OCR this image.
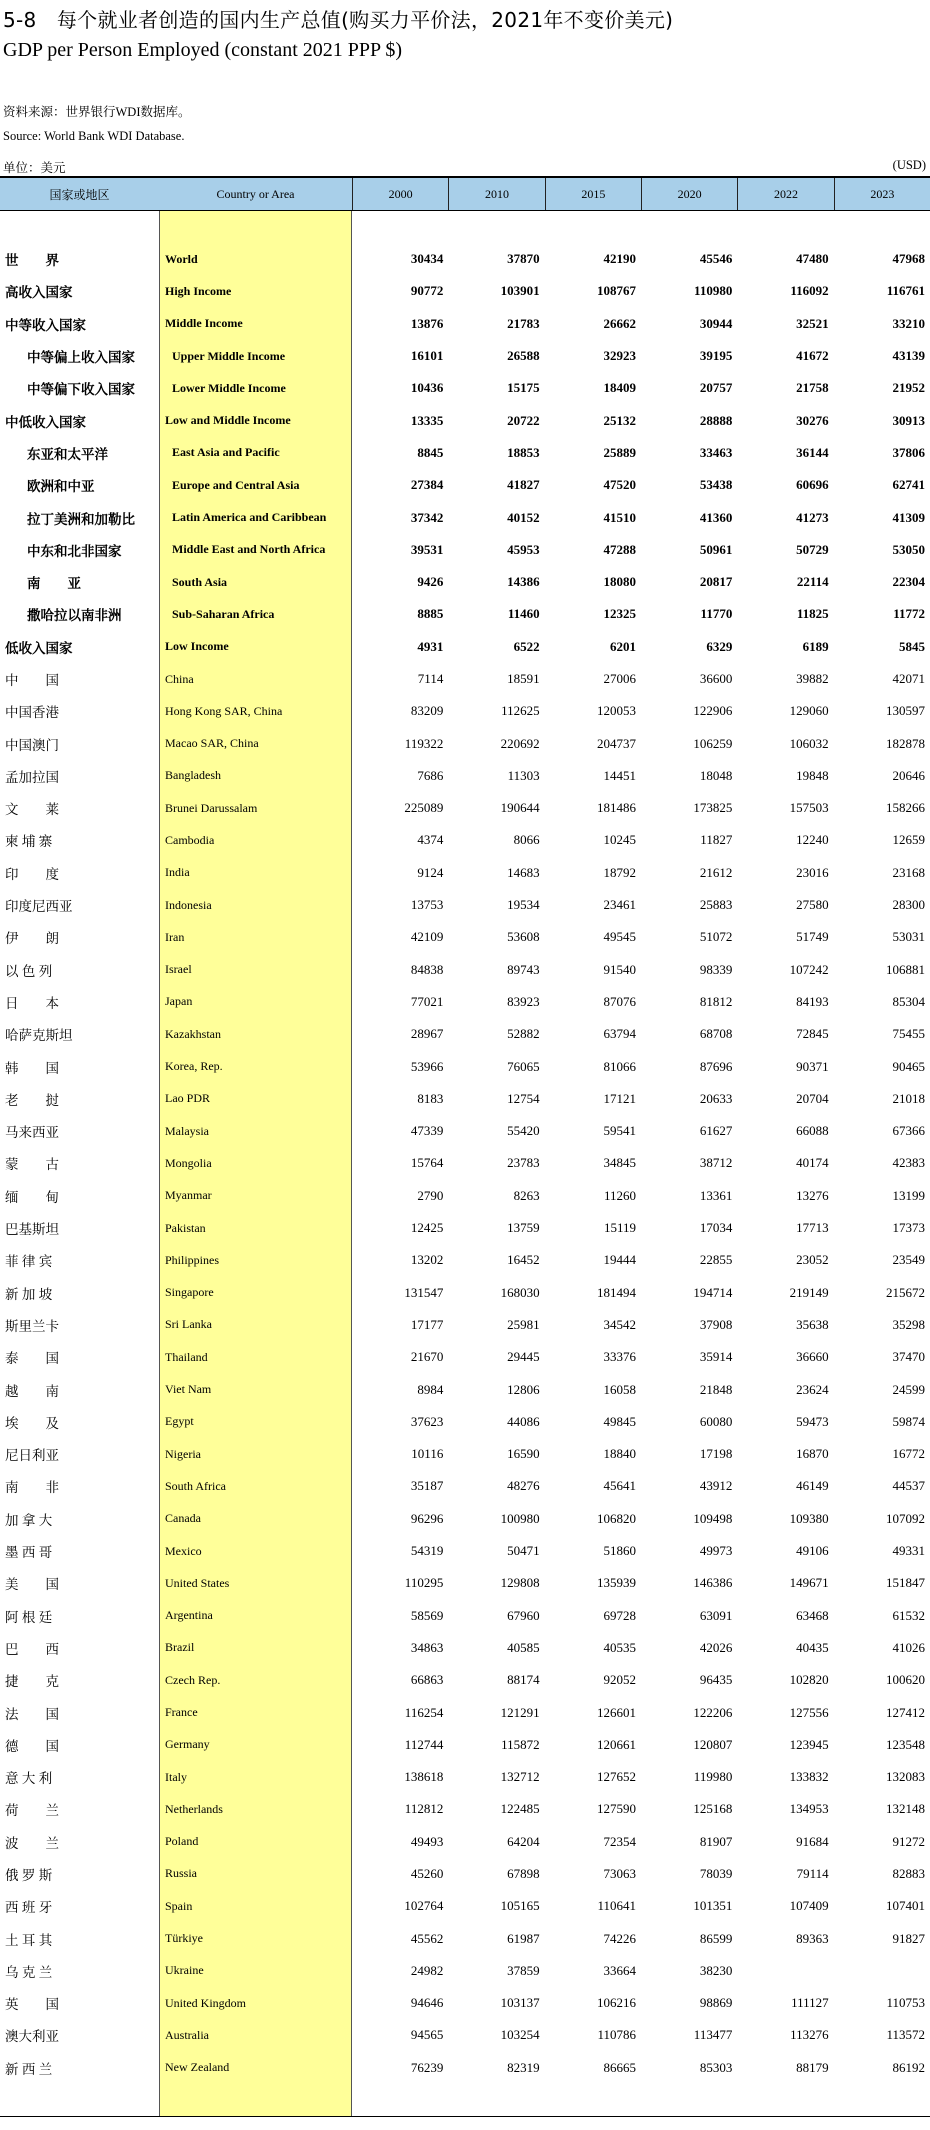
5-8　每个就业者创造的国内生产总值(购买力平价法，2021年不变价美元)
GDP per Person Employed (constant 2021 PPP $)
资料来源：世界银行WDI数据库。
Source: World Bank WDI Database.
单位：美元	(USD)
国家或地区	Country or Area	2000	2010	2015	2020	2022	2023
世　　界	World	30434	37870	42190	45546	47480	47968
高收入国家	High Income	90772	103901	108767	110980	116092	116761
中等收入国家	Middle Income	13876	21783	26662	30944	32521	33210
中等偏上收入国家	Upper Middle Income	16101	26588	32923	39195	41672	43139
中等偏下收入国家	Lower Middle Income	10436	15175	18409	20757	21758	21952
中低收入国家	Low and Middle Income	13335	20722	25132	28888	30276	30913
东亚和太平洋	East Asia and Pacific	8845	18853	25889	33463	36144	37806
欧洲和中亚	Europe and Central Asia	27384	41827	47520	53438	60696	62741
拉丁美洲和加勒比	Latin America and Caribbean	37342	40152	41510	41360	41273	41309
中东和北非国家	Middle East and North Africa	39531	45953	47288	50961	50729	53050
南　　亚	South Asia	9426	14386	18080	20817	22114	22304
撒哈拉以南非洲	Sub-Saharan Africa	8885	11460	12325	11770	11825	11772
低收入国家	Low Income	4931	6522	6201	6329	6189	5845
中　　国	China	7114	18591	27006	36600	39882	42071
中国香港	Hong Kong SAR, China	83209	112625	120053	122906	129060	130597
中国澳门	Macao SAR, China	119322	220692	204737	106259	106032	182878
孟加拉国	Bangladesh	7686	11303	14451	18048	19848	20646
文　　莱	Brunei Darussalam	225089	190644	181486	173825	157503	158266
柬 埔 寨	Cambodia	4374	8066	10245	11827	12240	12659
印　　度	India	9124	14683	18792	21612	23016	23168
印度尼西亚	Indonesia	13753	19534	23461	25883	27580	28300
伊　　朗	Iran	42109	53608	49545	51072	51749	53031
以 色 列	Israel	84838	89743	91540	98339	107242	106881
日　　本	Japan	77021	83923	87076	81812	84193	85304
哈萨克斯坦	Kazakhstan	28967	52882	63794	68708	72845	75455
韩　　国	Korea, Rep.	53966	76065	81066	87696	90371	90465
老　　挝	Lao PDR	8183	12754	17121	20633	20704	21018
马来西亚	Malaysia	47339	55420	59541	61627	66088	67366
蒙　　古	Mongolia	15764	23783	34845	38712	40174	42383
缅　　甸	Myanmar	2790	8263	11260	13361	13276	13199
巴基斯坦	Pakistan	12425	13759	15119	17034	17713	17373
菲 律 宾	Philippines	13202	16452	19444	22855	23052	23549
新 加 坡	Singapore	131547	168030	181494	194714	219149	215672
斯里兰卡	Sri Lanka	17177	25981	34542	37908	35638	35298
泰　　国	Thailand	21670	29445	33376	35914	36660	37470
越　　南	Viet Nam	8984	12806	16058	21848	23624	24599
埃　　及	Egypt	37623	44086	49845	60080	59473	59874
尼日利亚	Nigeria	10116	16590	18840	17198	16870	16772
南　　非	South Africa	35187	48276	45641	43912	46149	44537
加 拿 大	Canada	96296	100980	106820	109498	109380	107092
墨 西 哥	Mexico	54319	50471	51860	49973	49106	49331
美　　国	United States	110295	129808	135939	146386	149671	151847
阿 根 廷	Argentina	58569	67960	69728	63091	63468	61532
巴　　西	Brazil	34863	40585	40535	42026	40435	41026
捷　　克	Czech Rep.	66863	88174	92052	96435	102820	100620
法　　国	France	116254	121291	126601	122206	127556	127412
德　　国	Germany	112744	115872	120661	120807	123945	123548
意 大 利	Italy	138618	132712	127652	119980	133832	132083
荷　　兰	Netherlands	112812	122485	127590	125168	134953	132148
波　　兰	Poland	49493	64204	72354	81907	91684	91272
俄 罗 斯	Russia	45260	67898	73063	78039	79114	82883
西 班 牙	Spain	102764	105165	110641	101351	107409	107401
土 耳 其	Türkiye	45562	61987	74226	86599	89363	91827
乌 克 兰	Ukraine	24982	37859	33664	38230
英　　国	United Kingdom	94646	103137	106216	98869	111127	110753
澳大利亚	Australia	94565	103254	110786	113477	113276	113572
新 西 兰	New Zealand	76239	82319	86665	85303	88179	86192
